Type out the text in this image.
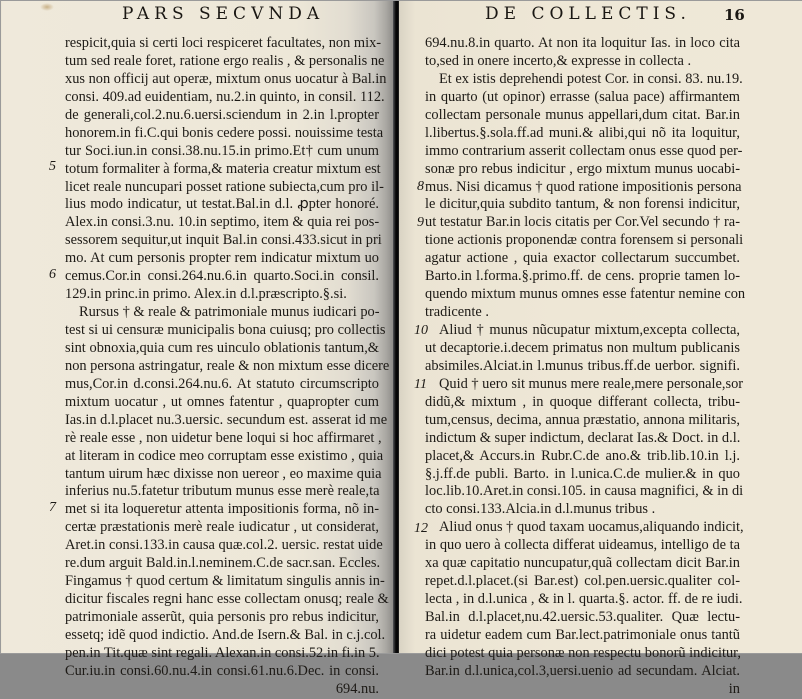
PARS SECVNDA
5
6
7
respicit,quia si certi loci respiceret facultates, non mix-
tum sed reale foret, ratione ergo realis , & personalis ne
xus non officij aut operæ, mixtum onus uocatur à Bal.in
consi. 409.ad euidentiam, nu.2.in quinto, in consil. 112.
de generali,col.2.nu.6.uersi.sciendum in 2.in l.propter
honorem.in fi.C.qui bonis cedere possi. nouissime testa
tur Soci.iun.in consi.38.nu.15.in primo.Et† cum unum
totum formaliter à forma,& materia creatur mixtum est
licet reale nuncupari posset ratione subiecta,cum pro il-
lius modo indicatur, ut testat.Bal.in d.l. ꝓpter honoré.
Alex.in consi.3.nu. 10.in septimo, item & quia rei pos-
sessorem sequitur,ut inquit Bal.in consi.433.sicut in pri
mo. At cum personis propter rem indicatur mixtum uo
cemus.Cor.in consi.264.nu.6.in quarto.Soci.in consil.
129.in princ.in primo. Alex.in d.l.præscripto.§.si.
Rursus † & reale & patrimoniale munus iudicari po-
test si ui censuræ municipalis bona cuiusq; pro collectis
sint obnoxia,quia cum res uinculo oblationis tantum,&
non persona astringatur, reale & non mixtum esse dicere
mus,Cor.in d.consi.264.nu.6. At statuto circumscripto
mixtum uocatur , ut omnes fatentur , quapropter cum
Ias.in d.l.placet nu.3.uersic. secundum est. asserat id me
rè reale esse , non uidetur bene loqui si hoc affirmaret ,
at literam in codice meo corruptam esse existimo , quia
tantum uirum hæc dixisse non uereor , eo maxime quia
inferius nu.5.fatetur tributum munus esse merè reale,ta
met si ita loqueretur attenta impositionis forma, nõ in-
certæ præstationis merè reale iudicatur , ut considerat,
Aret.in consi.133.in causa quæ.col.2. uersic. restat uide
re.dum arguit Bald.in.l.neminem.C.de sacr.san. Eccles.
Fingamus † quod certum & limitatum singulis annis in-
dicitur fiscales regni hanc esse collectam onusq; reale &
patrimoniale asserũt, quia personis pro rebus indicitur,
essetq; idẽ quod indictio. And.de Isern.& Bal. in c.j.col.
pen.in Tit.quæ sint regali. Alexan.in consi.52.in fi.in 5.
Cur.iu.in consi.60.nu.4.in consi.61.nu.6.Dec. in consi.
694.nu.
DE COLLECTIS. 16
8
9
10
11
12
694.nu.8.in quarto. At non ita loquitur Ias. in loco cita
to,sed in onere incerto,& expresse in collecta .
Et ex istis deprehendi potest Cor. in consi. 83. nu.19.
in quarto (ut opinor) errasse (salua pace) affirmantem
collectam personale munus appellari,dum citat. Bar.in
l.libertus.§.sola.ff.ad muni.& alibi,qui nõ ita loquitur,
immo contrarium asserit collectam onus esse quod per-
sonæ pro rebus indicitur , ergo mixtum munus uocabi-
mus. Nisi dicamus † quod ratione impositionis persona
le dicitur,quia subdito tantum, & non forensi indicitur,
ut testatur Bar.in locis citatis per Cor.Vel secundo † ra-
tione actionis proponendæ contra forensem si personali
agatur actione , quia exactor collectarum succumbet.
Barto.in l.forma.§.primo.ff. de cens. proprie tamen lo-
quendo mixtum munus omnes esse fatentur nemine con
tradicente .
Aliud † munus nũcupatur mixtum,excepta collecta,
ut decaptorie.i.decem primatus non multum publicanis
absimiles.Alciat.in l.munus tribus.ff.de uerbor. signifi.
Quid † uero sit munus mere reale,mere personale,sor
didũ,& mixtum , in quoque differant collecta, tribu-
tum,census, decima, annua præstatio, annona militaris,
indictum & super indictum, declarat Ias.& Doct. in d.l.
placet,& Accurs.in Rubr.C.de ano.& trib.lib.10.in l.j.
§.j.ff.de publi. Barto. in l.unica.C.de mulier.& in quo
loc.lib.10.Aret.in consi.105. in causa magnifici, & in di
cto consi.133.Alcia.in d.l.munus tribus .
Aliud onus † quod taxam uocamus,aliquando indicit,
in quo uero à collecta differat uideamus, intelligo de ta
xa quæ capitatio nuncupatur,quã collectam dicit Bar.in
repet.d.l.placet.(si Bar.est) col.pen.uersic.qualiter col-
lecta , in d.l.unica , & in l. quarta.§. actor. ff. de re iudi.
Bal.in d.l.placet,nu.42.uersic.53.qualiter. Quæ lectu-
ra uidetur eadem cum Bar.lect.patrimoniale onus tantũ
dici potest quia personæ non respectu bonorũ indicitur,
Bar.in d.l.unica,col.3,uersi.uenio ad secundam. Alciat.
in
